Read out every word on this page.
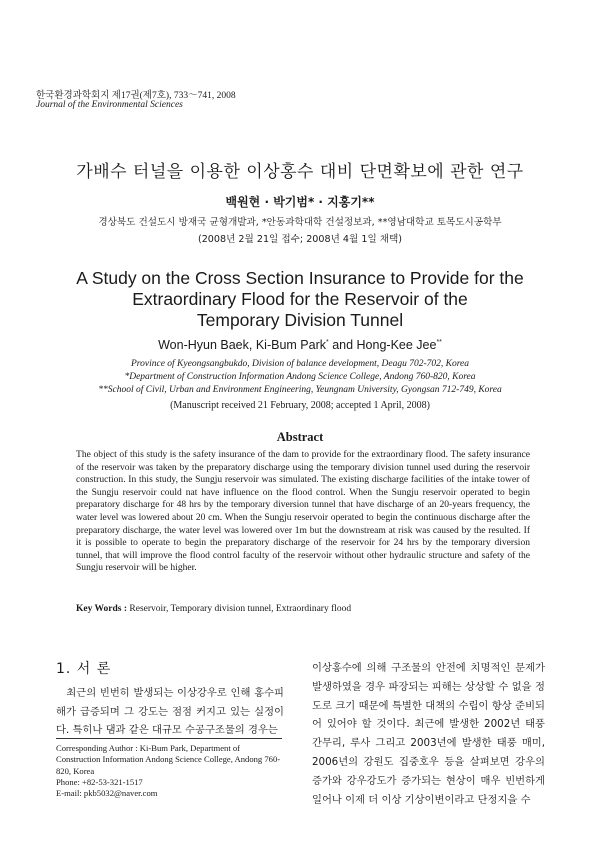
한국환경과학회지 제17권(제7호), 733～741, 2008
Journal of the Environmental Sciences
가배수 터널을 이용한 이상홍수 대비 단면확보에 관한 연구
백원현 · 박기범* · 지홍기**
경상북도 건설도시 방재국 균형개발과, *안동과학대학 건설정보과, **영남대학교 토목도시공학부
(2008년 2월 21일 접수; 2008년 4월 1일 채택)
A Study on the Cross Section Insurance to Provide for the
Extraordinary Flood for the Reservoir of the
Temporary Division Tunnel
Won-Hyun Baek, Ki-Bum Park* and Hong-Kee Jee**
Province of Kyeongsangbukdo, Division of balance development, Deagu 702-702, Korea
*Department of Construction Information Andong Science College, Andong 760-820, Korea
**School of Civil, Urban and Environment Engineering, Yeungnam University, Gyongsan 712-749, Korea
(Manuscript received 21 February, 2008; accepted 1 April, 2008)
Abstract
The object of this study is the safety insurance of the dam to provide for the extraordinary flood. The safety insurance of the reservoir was taken by the preparatory discharge using the temporary division tunnel used during the reservoir construction. In this study, the Sungju reservoir was simulated. The existing discharge facilities of the intake tower of the Sungju reservoir could nat have influence on the flood control. When the Sungju reservoir operated to begin preparatory discharge for 48 hrs by the temporary diversion tunnel that have discharge of an 20-years frequency, the water level was lowered about 20 cm. When the Sungju reservoir operated to begin the continuous discharge after the preparatory discharge, the water level was lowered over 1m but the downstream at risk was caused by the resulted. If it is possible to operate to begin the preparatory discharge of the reservoir for 24 hrs by the temporary diversion tunnel, that will improve the flood control faculty of the reservoir without other hydraulic structure and safety of the Sungju reservoir will be higher.
Key Words : Reservoir, Temporary division tunnel, Extraordinary flood
1. 서 론

최근의 빈번히 발생되는 이상강우로 인해 홍수피해가 급증되며 그 강도는 점점 커지고 있는 실정이다. 특히나 댐과 같은 대규모 수공구조물의 경우는

이상홍수에 의해 구조물의 안전에 치명적인 문제가 발생하였을 경우 파장되는 피해는 상상할 수 없을 정도로 크기 때문에 특별한 대책의 수립이 항상 준비되어 있어야 할 것이다. 최근에 발생한 2002년 태풍 간무리, 루사 그리고 2003년에 발생한 태풍 매미, 2006년의 강원도 집중호우 등을 살펴보면 강우의 증가와 강우강도가 증가되는 현상이 매우 빈번하게 일어나 이제 더 이상 기상이변이라고 단정지을 수

Corresponding Author : Ki-Bum Park, Department of Construction Information Andong Science College, Andong 760-820, Korea

Phone: +82-53-321-1517

E-mail: pkb5032@naver.com
